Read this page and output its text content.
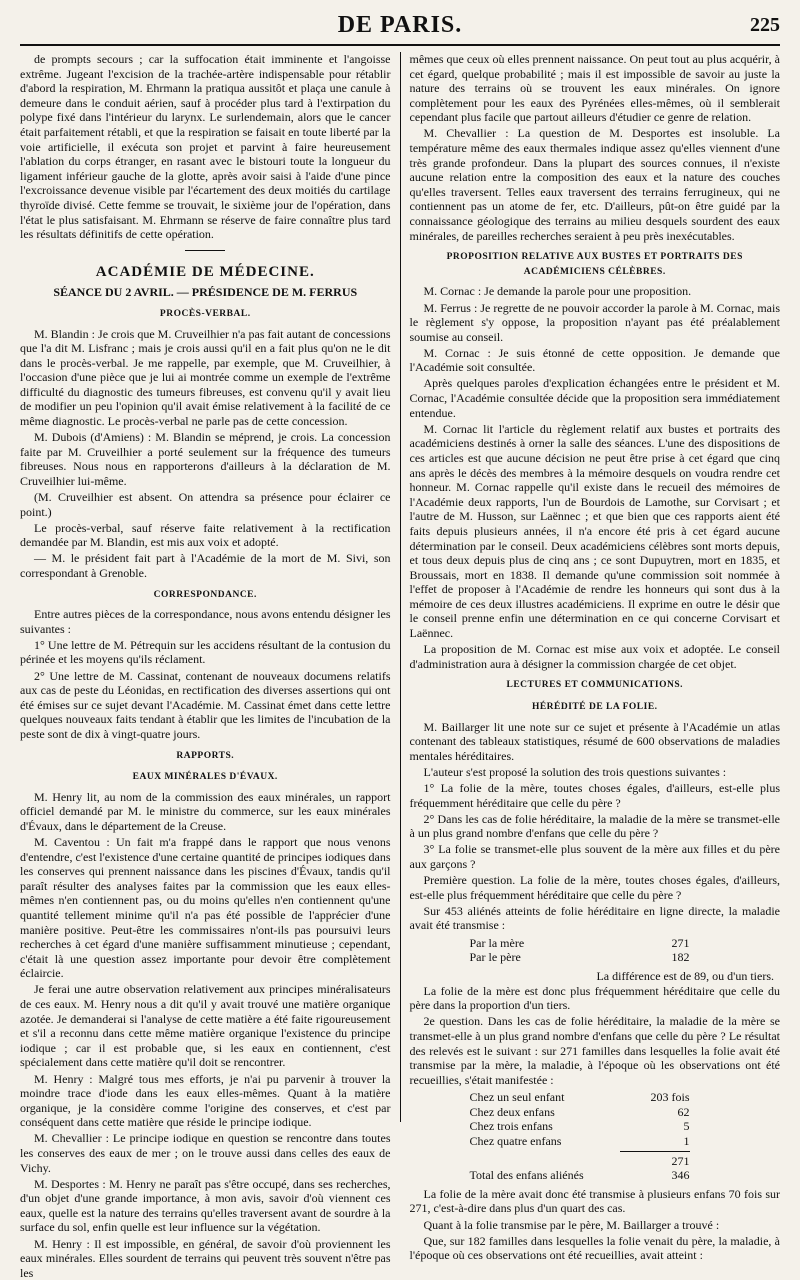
DE PARIS.	225

de prompts secours ; car la suffocation était imminente et l'angoisse extrême. Jugeant l'excision de la trachée-artère indispensable pour rétablir d'abord la respiration, M. Ehrmann la pratiqua aussitôt et plaça une canule à demeure dans le conduit aérien, sauf à procéder plus tard à l'extirpation du polype fixé dans l'intérieur du larynx. Le surlendemain, alors que le cancer était parfaitement rétabli, et que la respiration se faisait en toute liberté par la voie artificielle, il exécuta son projet et parvint à faire heureusement l'ablation du corps étranger, en rasant avec le bistouri toute la longueur du ligament inférieur gauche de la glotte, après avoir saisi à l'aide d'une pince l'excroissance devenue visible par l'écartement des deux moitiés du cartilage thyroïde divisé. Cette femme se trouvait, le sixième jour de l'opération, dans l'état le plus satisfaisant. M. Ehrmann se réserve de faire connaître plus tard les résultats définitifs de cette opération.

ACADÉMIE DE MÉDECINE.
SÉANCE DU 2 AVRIL. — PRÉSIDENCE DE M. FERRUS
PROCÈS-VERBAL.

M. Blandin : Je crois que M. Cruveilhier n'a pas fait autant de concessions que l'a dit M. Lisfranc ; mais je crois aussi qu'il en a fait plus qu'on ne le dit dans le procès-verbal. Je me rappelle, par exemple, que M. Cruveilhier, à l'occasion d'une pièce que je lui ai montrée comme un exemple de l'extrême difficulté du diagnostic des tumeurs fibreuses, est convenu qu'il y avait lieu de modifier un peu l'opinion qu'il avait émise relativement à la facilité de ce même diagnostic. Le procès-verbal ne parle pas de cette concession.

M. Dubois (d'Amiens) : M. Blandin se méprend, je crois. La concession faite par M. Cruveilhier a porté seulement sur la fréquence des tumeurs fibreuses. Nous nous en rapporterons d'ailleurs à la déclaration de M. Cruveilhier lui-même.

(M. Cruveilhier est absent. On attendra sa présence pour éclairer ce point.)

Le procès-verbal, sauf réserve faite relativement à la rectification demandée par M. Blandin, est mis aux voix et adopté.

— M. le président fait part à l'Académie de la mort de M. Sivi, son correspondant à Grenoble.

CORRESPONDANCE.

Entre autres pièces de la correspondance, nous avons entendu désigner les suivantes :

1° Une lettre de M. Pétrequin sur les accidens résultant de la contusion du périnée et les moyens qu'ils réclament.

2° Une lettre de M. Cassinat, contenant de nouveaux documens relatifs aux cas de peste du Léonidas, en rectification des diverses assertions qui ont été émises sur ce sujet devant l'Académie. M. Cassinat émet dans cette lettre quelques nouveaux faits tendant à établir que les limites de l'incubation de la peste sont de dix à vingt-quatre jours.

RAPPORTS.
EAUX MINÉRALES D'ÉVAUX.

M. Henry lit, au nom de la commission des eaux minérales, un rapport officiel demandé par M. le ministre du commerce, sur les eaux minérales d'Évaux, dans le département de la Creuse.

M. Caventou : Un fait m'a frappé dans le rapport que nous venons d'entendre, c'est l'existence d'une certaine quantité de principes iodiques dans les conserves qui prennent naissance dans les piscines d'Évaux, tandis qu'il paraît résulter des analyses faites par la commission que les eaux elles-mêmes n'en contiennent pas, ou du moins qu'elles n'en contiennent qu'une quantité tellement minime qu'il n'a pas été possible de l'apprécier d'une manière positive. Peut-être les commissaires n'ont-ils pas poursuivi leurs recherches à cet égard d'une manière suffisamment minutieuse ; cependant, c'était là une question assez importante pour devoir être complètement éclaircie.

Je ferai une autre observation relativement aux principes minéralisateurs de ces eaux. M. Henry nous a dit qu'il y avait trouvé une matière organique azotée. Je demanderai si l'analyse de cette matière a été faite rigoureusement et s'il a reconnu dans cette même matière organique l'existence du principe iodique ; car il est probable que, si les eaux en contiennent, c'est spécialement dans cette matière qu'il doit se rencontrer.

M. Henry : Malgré tous mes efforts, je n'ai pu parvenir à trouver la moindre trace d'iode dans les eaux elles-mêmes. Quant à la matière organique, je la considère comme l'origine des conserves, et c'est par conséquent dans cette matière que réside le principe iodique.

M. Chevallier : Le principe iodique en question se rencontre dans toutes les conserves des eaux de mer ; on le trouve aussi dans celles des eaux de Vichy.

M. Desportes : M. Henry ne paraît pas s'être occupé, dans ses recherches, d'un objet d'une grande importance, à mon avis, savoir d'où viennent ces eaux, quelle est la nature des terrains qu'elles traversent avant de sourdre à la surface du sol, enfin quelle est leur influence sur la végétation.

M. Henry : Il est impossible, en général, de savoir d'où proviennent les eaux minérales. Elles sourdent de terrains qui peuvent très souvent n'être pas les

mêmes que ceux où elles prennent naissance. On peut tout au plus acquérir, à cet égard, quelque probabilité ; mais il est impossible de savoir au juste la nature des terrains où se trouvent les eaux minérales. On ignore complètement pour les eaux des Pyrénées elles-mêmes, où il semblerait cependant plus facile que partout ailleurs d'étudier ce genre de relation.

M. Chevallier : La question de M. Desportes est insoluble. La température même des eaux thermales indique assez qu'elles viennent d'une très grande profondeur. Dans la plupart des sources connues, il n'existe aucune relation entre la composition des eaux et la nature des couches qu'elles traversent. Telles eaux traversent des terrains ferrugineux, qui ne contiennent pas un atome de fer, etc. D'ailleurs, pût-on être guidé par la connaissance géologique des terrains au milieu desquels sourdent des eaux minérales, de pareilles recherches seraient à peu près inexécutables.

PROPOSITION RELATIVE AUX BUSTES ET PORTRAITS DES ACADÉMICIENS CÉLÈBRES.

M. Cornac : Je demande la parole pour une proposition.

M. Ferrus : Je regrette de ne pouvoir accorder la parole à M. Cornac, mais le règlement s'y oppose, la proposition n'ayant pas été préalablement soumise au conseil.

M. Cornac : Je suis étonné de cette opposition. Je demande que l'Académie soit consultée.

Après quelques paroles d'explication échangées entre le président et M. Cornac, l'Académie consultée décide que la proposition sera immédiatement entendue.

M. Cornac lit l'article du règlement relatif aux bustes et portraits des académiciens destinés à orner la salle des séances. L'une des dispositions de ces articles est que aucune décision ne peut être prise à cet égard que cinq ans après le décès des membres à la mémoire desquels on voudra rendre cet honneur. M. Cornac rappelle qu'il existe dans le recueil des mémoires de l'Académie deux rapports, l'un de Bourdois de Lamothe, sur Corvisart ; et l'autre de M. Husson, sur Laënnec ; et que bien que ces rapports aient été faits depuis plusieurs années, il n'a encore été pris à cet égard aucune détermination par le conseil. Deux académiciens célèbres sont morts depuis, et tous deux depuis plus de cinq ans ; ce sont Dupuytren, mort en 1835, et Broussais, mort en 1838. Il demande qu'une commission soit nommée à l'effet de proposer à l'Académie de rendre les honneurs qui sont dus à la mémoire de ces deux illustres académiciens. Il exprime en outre le désir que le conseil prenne enfin une détermination en ce qui concerne Corvisart et Laënnec.

La proposition de M. Cornac est mise aux voix et adoptée. Le conseil d'administration aura à désigner la commission chargée de cet objet.

LECTURES ET COMMUNICATIONS.
HÉRÉDITÉ DE LA FOLIE.

M. Baillarger lit une note sur ce sujet et présente à l'Académie un atlas contenant des tableaux statistiques, résumé de 600 observations de maladies mentales héréditaires.

L'auteur s'est proposé la solution des trois questions suivantes :

1° La folie de la mère, toutes choses égales, d'ailleurs, est-elle plus fréquemment héréditaire que celle du père ?

2° Dans les cas de folie héréditaire, la maladie de la mère se transmet-elle à un plus grand nombre d'enfans que celle du père ?

3° La folie se transmet-elle plus souvent de la mère aux filles et du père aux garçons ?

Première question. La folie de la mère, toutes choses égales, d'ailleurs, est-elle plus fréquemment héréditaire que celle du père ?

Sur 453 aliénés atteints de folie héréditaire en ligne directe, la maladie avait été transmise :

Par la mère	271
Par le père	182
La différence est de 89, ou d'un tiers.

La folie de la mère est donc plus fréquemment héréditaire que celle du père dans la proportion d'un tiers.

2e question. Dans les cas de folie héréditaire, la maladie de la mère se transmet-elle à un plus grand nombre d'enfans que celle du père ? Le résultat des relevés est le suivant : sur 271 familles dans lesquelles la folie avait été transmise par la mère, la maladie, à l'époque où les observations ont été recueillies, s'était manifestée :

Chez un seul enfant	203 fois
Chez deux enfans	62
Chez trois enfans	5
Chez quatre enfans	1
271
Total des enfans aliénés	346

La folie de la mère avait donc été transmise à plusieurs enfans 70 fois sur 271, c'est-à-dire dans plus d'un quart des cas.

Quant à la folie transmise par le père, M. Baillarger a trouvé :

Que, sur 182 familles dans lesquelles la folie venait du père, la maladie, à l'époque où ces observations ont été recueillies, avait atteint :
